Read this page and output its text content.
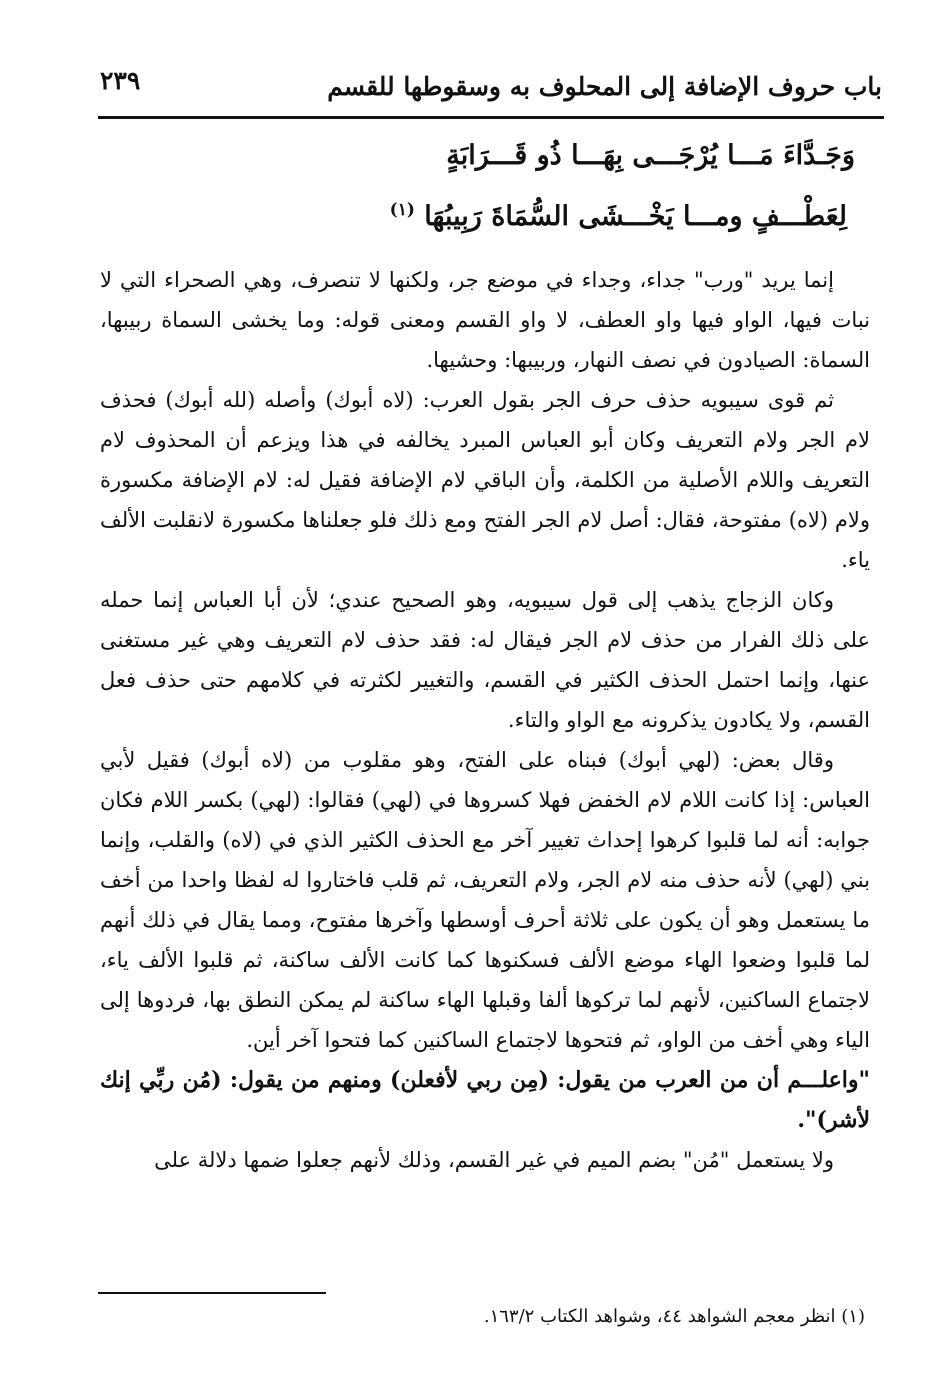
باب حروف الإضافة إلى المحلوف به وسقوطها للقسم
٢٣٩
وَجَـدَّاءَ مَـــا يُرْجَـــى بِهَـــا ذُو قَـــرَابَةٍ
لِعَطْـــفٍ ومـــا يَخْـــشَى السُّمَاةَ رَبِيبُهَا $^{(١)}$

إنما يريد "ورب" جداء، وجداء في موضع جر، ولكنها لا تنصرف، وهي الصحراء التي لا نبات فيها، الواو فيها واو العطف، لا واو القسم ومعنى قوله: وما يخشى السماة ربيبها، السماة: الصيادون في نصف النهار، وربيبها: وحشيها.

ثم قوى سيبويه حذف حرف الجر بقول العرب: (لاه أبوك) وأصله (لله أبوك) فحذف لام الجر ولام التعريف وكان أبو العباس المبرد يخالفه في هذا ويزعم أن المحذوف لام التعريف واللام الأصلية من الكلمة، وأن الباقي لام الإضافة فقيل له: لام الإضافة مكسورة ولام (لاه) مفتوحة، فقال: أصل لام الجر الفتح ومع ذلك فلو جعلناها مكسورة لانقلبت الألف ياء.

وكان الزجاج يذهب إلى قول سيبويه، وهو الصحيح عندي؛ لأن أبا العباس إنما حمله على ذلك الفرار من حذف لام الجر فيقال له: فقد حذف لام التعريف وهي غير مستغنى عنها، وإنما احتمل الحذف الكثير في القسم، والتغيير لكثرته في كلامهم حتى حذف فعل القسم، ولا يكادون يذكرونه مع الواو والتاء.

وقال بعض: (لهي أبوك) فبناه على الفتح، وهو مقلوب من (لاه أبوك) فقيل لأبي العباس: إذا كانت اللام لام الخفض فهلا كسروها في (لهي) فقالوا: (لهي) بكسر اللام فكان جوابه: أنه لما قلبوا كرهوا إحداث تغيير آخر مع الحذف الكثير الذي في (لاه) والقلب، وإنما بني (لهي) لأنه حذف منه لام الجر، ولام التعريف، ثم قلب فاختاروا له لفظا واحدا من أخف ما يستعمل وهو أن يكون على ثلاثة أحرف أوسطها وآخرها مفتوح، ومما يقال في ذلك أنهم لما قلبوا وضعوا الهاء موضع الألف فسكنوها كما كانت الألف ساكنة، ثم قلبوا الألف ياء، لاجتماع الساكنين، لأنهم لما تركوها ألفا وقبلها الهاء ساكنة لم يمكن النطق بها، فردوها إلى الياء وهي أخف من الواو، ثم فتحوها لاجتماع الساكنين كما فتحوا آخر أين.

"واعلـــم أن من العرب من يقول: (مِن ربي لأفعلن) ومنهم من يقول: (مُن ربِّي إنك لأشر)".

ولا يستعمل "مُن" بضم الميم في غير القسم، وذلك لأنهم جعلوا ضمها دلالة على

(١) انظر معجم الشواهد ٤٤، وشواهد الكتاب ١٦٣/٢.
